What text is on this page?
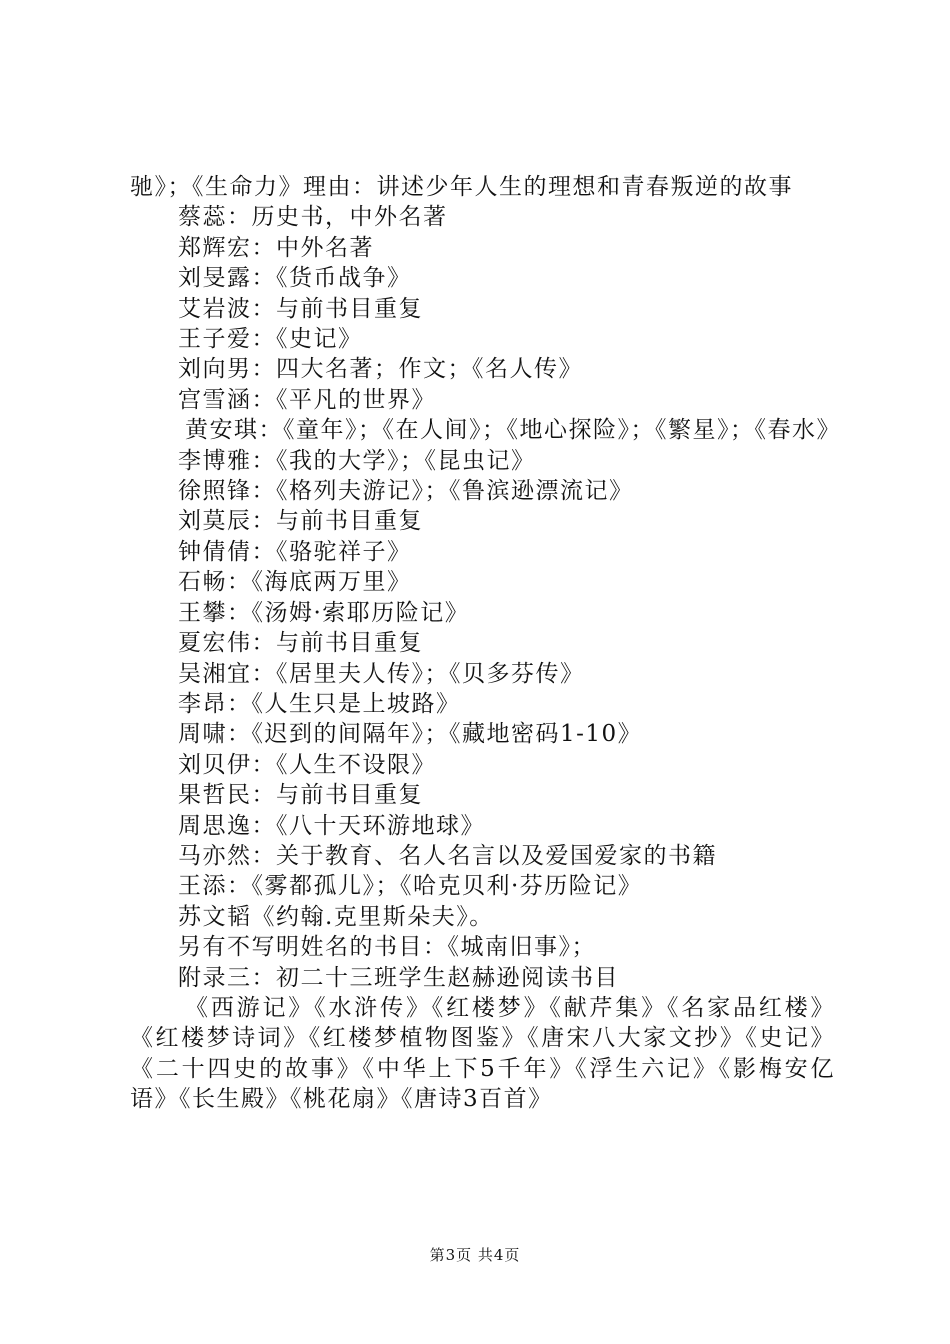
驰》；《生命力》理由：讲述少年人生的理想和青春叛逆的故事

蔡蕊：历史书，中外名著

郑辉宏：中外名著

刘旻露：《货币战争》

艾岩波：与前书目重复

王子爱：《史记》

刘向男：四大名著；作文；《名人传》

宫雪涵：《平凡的世界》

黄安琪：《童年》；《在人间》；《地心探险》；《繁星》；《春水》

李博雅：《我的大学》；《昆虫记》

徐照锋：《格列夫游记》；《鲁滨逊漂流记》

刘莫辰：与前书目重复

钟倩倩：《骆驼祥子》

石畅：《海底两万里》

王攀：《汤姆·索耶历险记》

夏宏伟：与前书目重复

吴湘宜：《居里夫人传》；《贝多芬传》

李昂：《人生只是上坡路》

周啸：《迟到的间隔年》；《藏地密码1-10》

刘贝伊：《人生不设限》

果哲民：与前书目重复

周思逸：《八十天环游地球》

马亦然：关于教育、名人名言以及爱国爱家的书籍

王添：《雾都孤儿》；《哈克贝利·芬历险记》

苏文韬《约翰.克里斯朵夫》。

另有不写明姓名的书目：《城南旧事》；

附录三：初二十三班学生赵赫逊阅读书目

《西游记》《水浒传》《红楼梦》《献芹集》《名家品红楼》《红楼梦诗词》《红楼梦植物图鉴》《唐宋八大家文抄》《史记》《二十四史的故事》《中华上下5千年》《浮生六记》《影梅安亿语》《长生殿》《桃花扇》《唐诗3百首》

第3页 共4页
